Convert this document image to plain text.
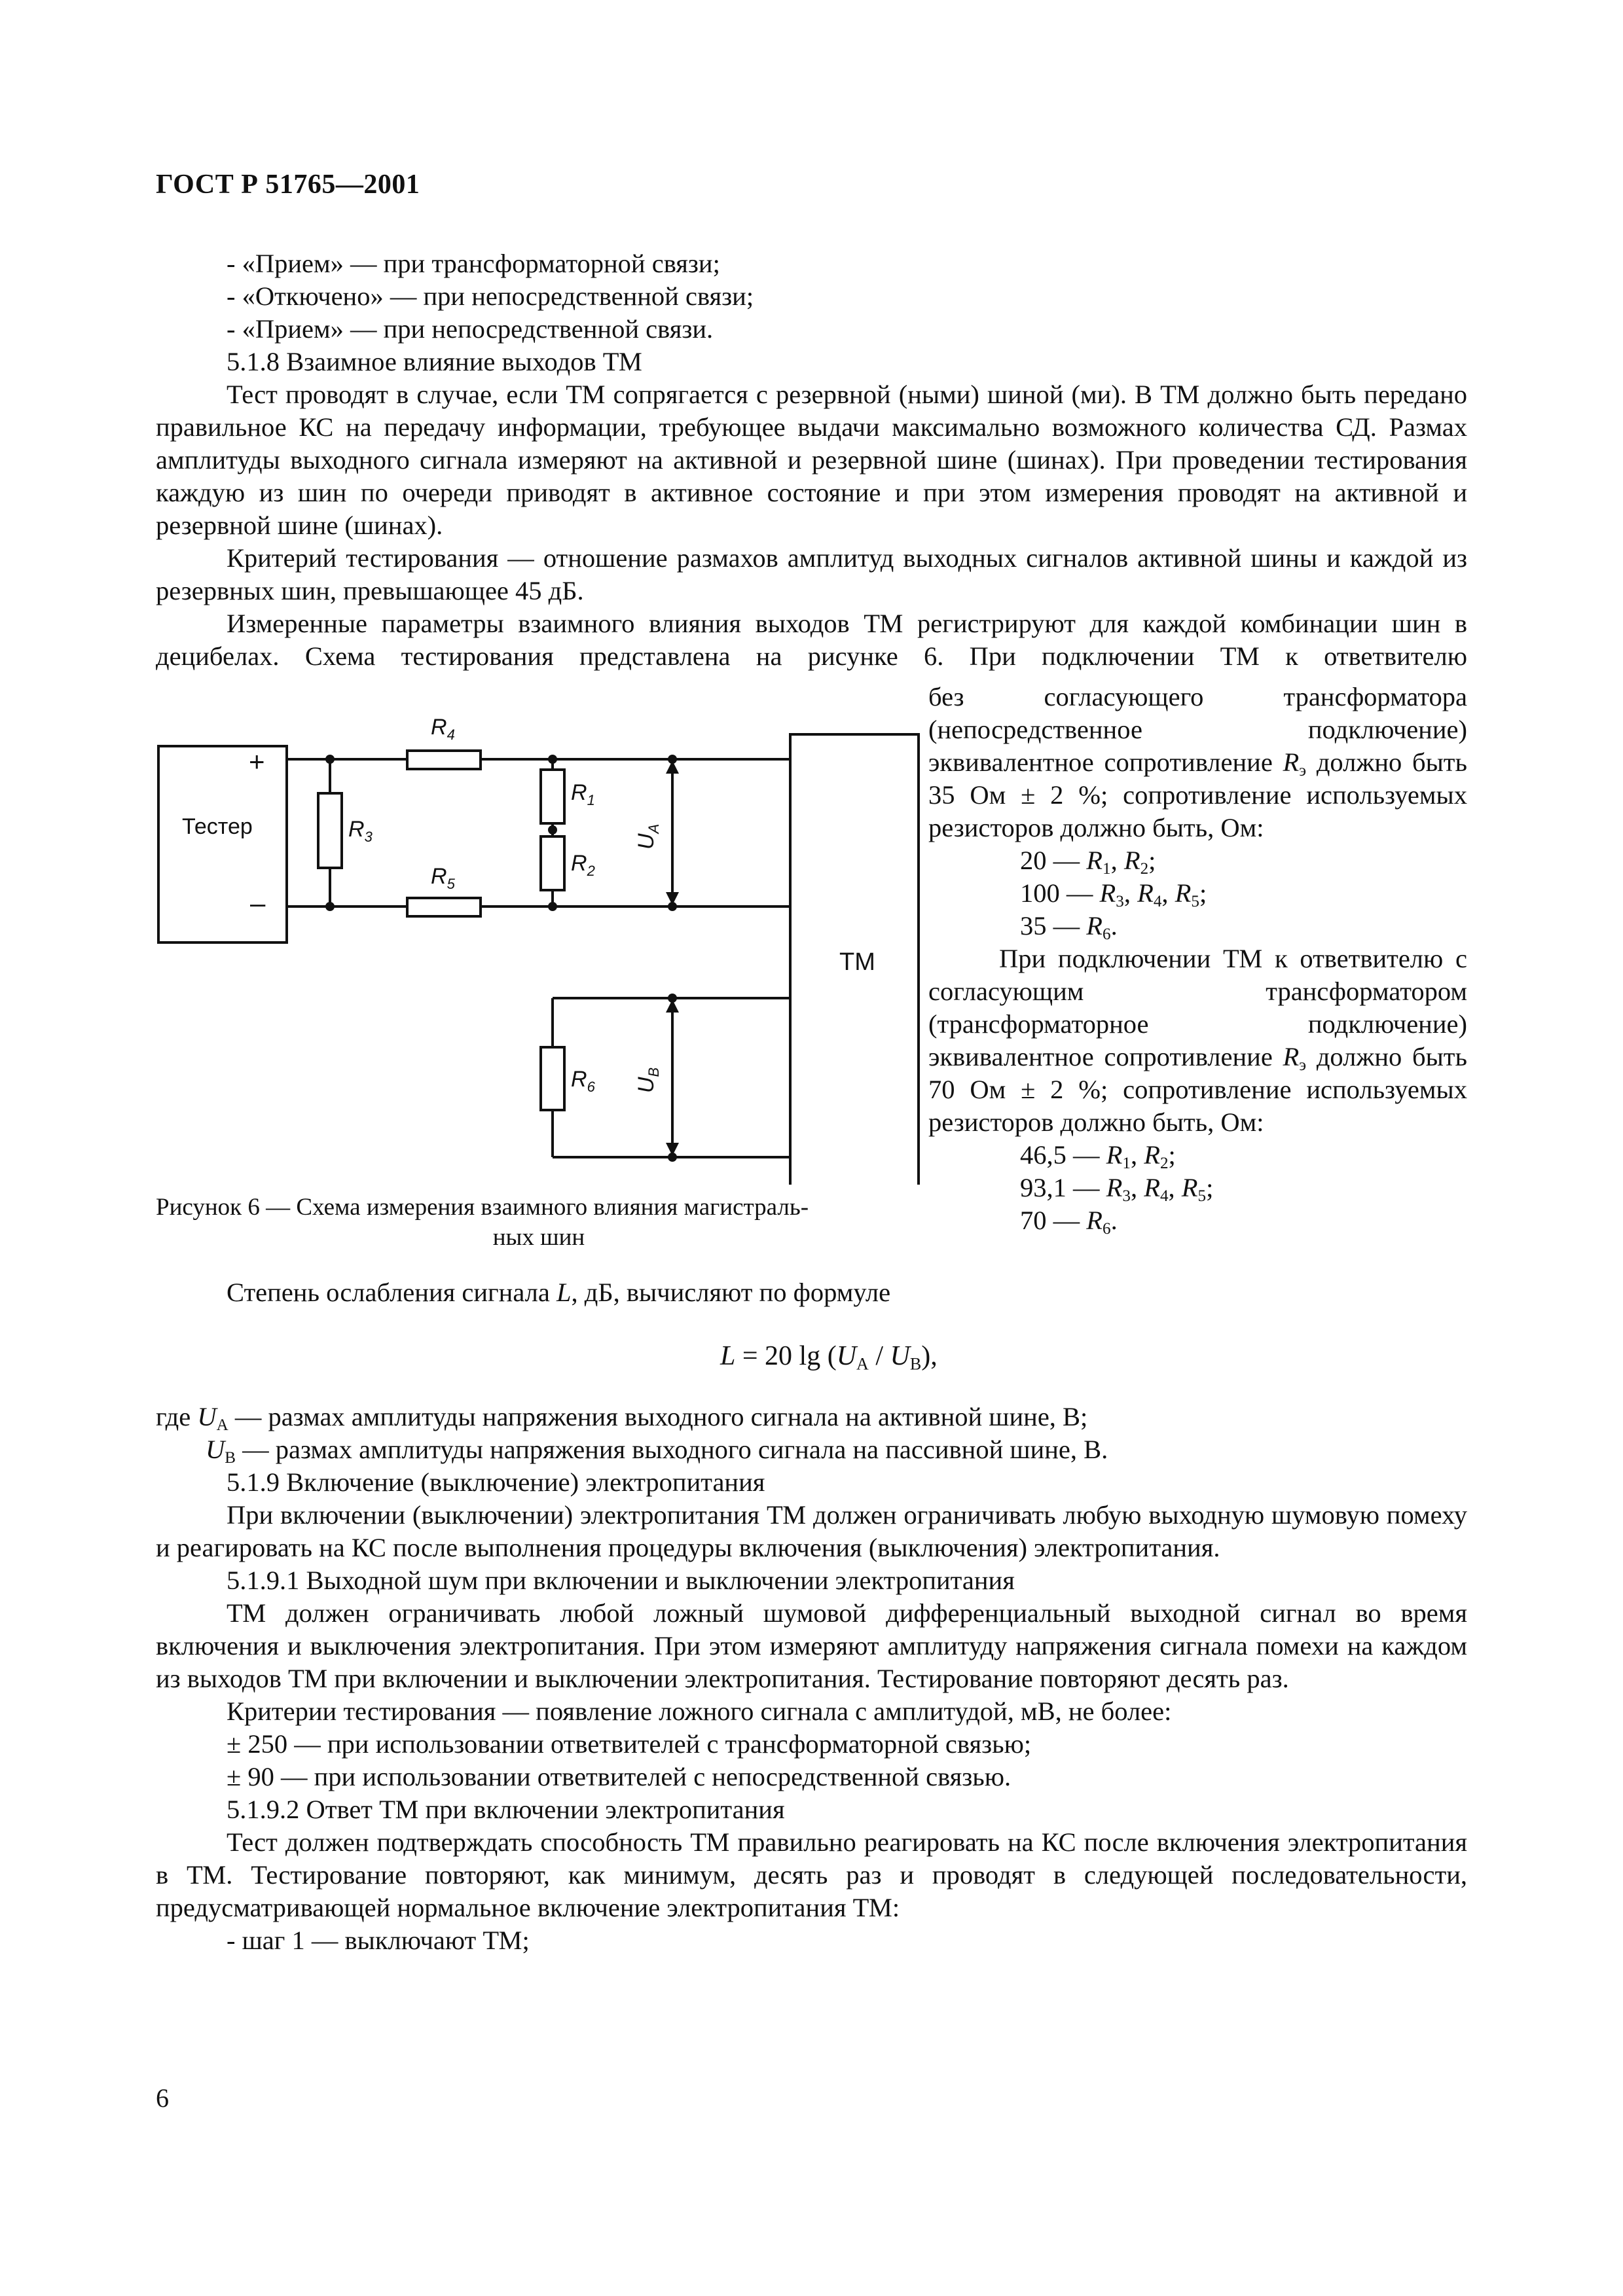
ГОСТ Р 51765—2001

- «Прием» — при трансформаторной связи;

- «Откючено» — при непосредственной связи;

- «Прием» — при непосредственной связи.

5.1.8 Взаимное влияние выходов ТМ

Тест проводят в случае, если ТМ сопрягается с резервной (ными) шиной (ми). В ТМ должно быть передано правильное КС на передачу информации, требующее выдачи максимально возможного количества СД. Размах амплитуды выходного сигнала измеряют на активной и резервной шине (шинах). При проведении тестирования каждую из шин по очереди приводят в активное состояние и при этом измерения проводят на активной и резервной шине (шинах).

Критерий тестирования — отношение размахов амплитуд выходных сигналов активной шины и каждой из резервных шин, превышающее 45 дБ.

Измеренные параметры взаимного влияния выходов ТМ регистрируют для каждой комбинации шин в децибелах. Схема тестирования представлена на рисунке 6. При подключении ТМ к ответвителю

Тестер
+
–
ТМ
$R_4$
$R_5$
$R_3$
$R_1$
$R_2$
$R_6$
$U_A$
$U_B$
Рисунок 6 — Схема измерения взаимного влияния магистраль-
ных шин

без согласующего трансформатора (непосредственное подключение) эквивалентное сопротивление $R_э$ должно быть 35 Ом ± 2 %; сопротивление используемых резисторов должно быть, Ом:

20 — $R_1$, $R_2$;

100 — $R_3$, $R_4$, $R_5$;

35 — $R_6$.

При подключении ТМ к ответвителю с согласующим трансформатором (трансформаторное подключение) эквивалентное сопротивление $R_э$ должно быть 70 Ом ± 2 %; сопротивление используемых резисторов должно быть, Ом:

46,5 — $R_1$, $R_2$;

93,1 — $R_3$, $R_4$, $R_5$;

70 — $R_6$.

Степень ослабления сигнала L, дБ, вычисляют по формуле

L = 20 $\lg (U_А / U_В)$,

где $U_А$ — размах амплитуды напряжения выходного сигнала на активной шине, В;

$U_В$ — размах амплитуды напряжения выходного сигнала на пассивной шине, В.

5.1.9 Включение (выключение) электропитания

При включении (выключении) электропитания ТМ должен ограничивать любую выходную шумовую помеху и реагировать на КС после выполнения процедуры включения (выключения) электропитания.

5.1.9.1 Выходной шум при включении и выключении электропитания

ТМ должен ограничивать любой ложный шумовой дифференциальный выходной сигнал во время включения и выключения электропитания. При этом измеряют амплитуду напряжения сигнала помехи на каждом из выходов ТМ при включении и выключении электропитания. Тестирование повторяют десять раз.

Критерии тестирования — появление ложного сигнала с амплитудой, мВ, не более:

± 250 — при использовании ответвителей с трансформаторной связью;

± 90 — при использовании ответвителей с непосредственной связью.

5.1.9.2 Ответ ТМ при включении электропитания

Тест должен подтверждать способность ТМ правильно реагировать на КС после включения электропитания в ТМ. Тестирование повторяют, как минимум, десять раз и проводят в следующей последовательности, предусматривающей нормальное включение электропитания ТМ:

- шаг 1 — выключают ТМ;

6
